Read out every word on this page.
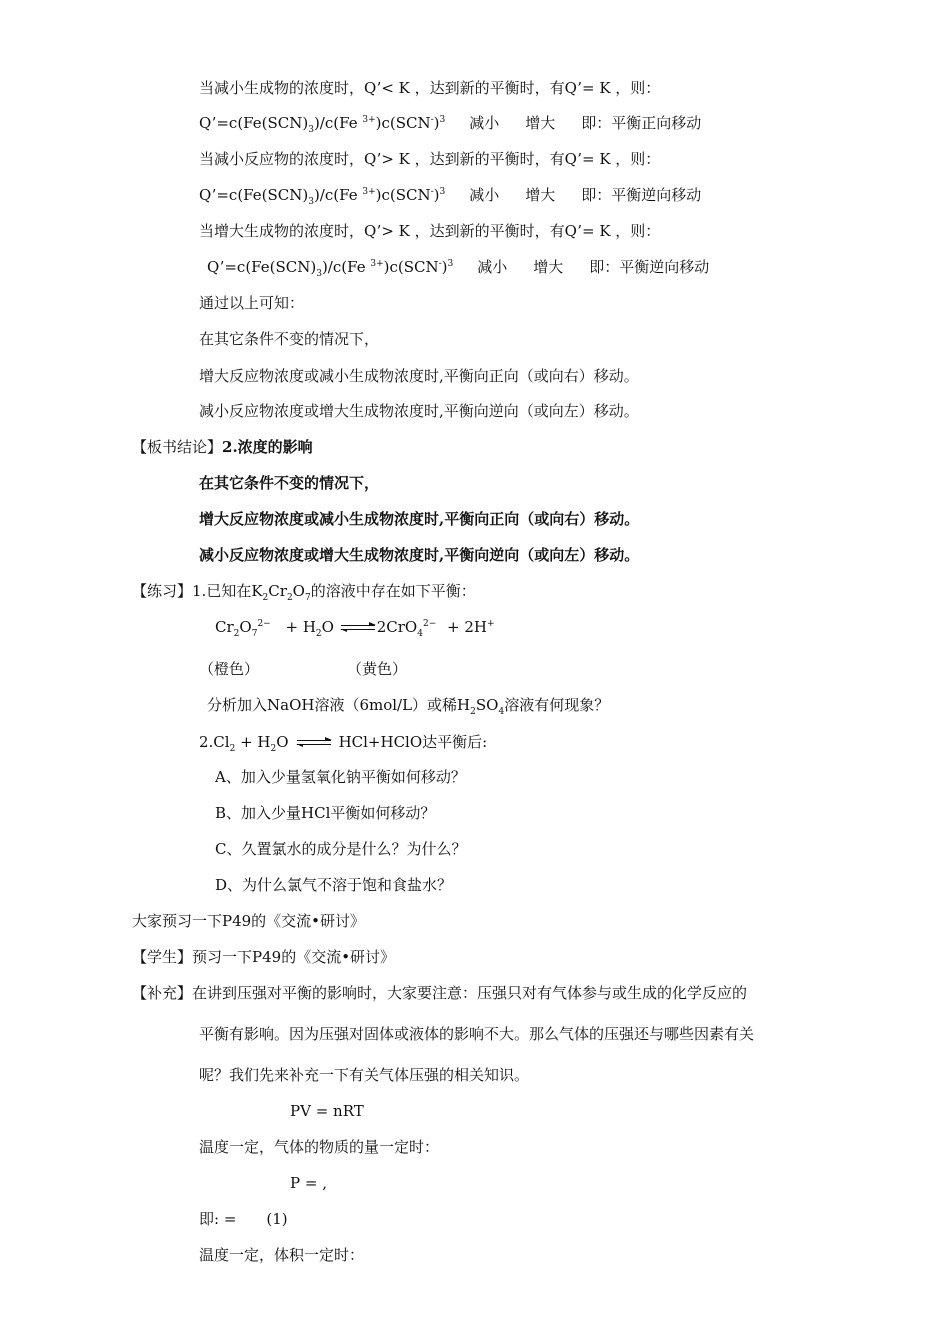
当减小生成物的浓度时，Q’< K ，达到新的平衡时，有Q’= K ，则：
$Q’=c(Fe(SCN)_3)/c(Fe$ $^{3+})c(SCN^-)^3$ 减小 增大 即：平衡正向移动
当减小反应物的浓度时，Q’> K ，达到新的平衡时，有Q’= K ，则：
$Q’=c(Fe(SCN)_3)/c(Fe$ $^{3+})c(SCN^-)^3$ 减小 增大 即：平衡逆向移动
当增大生成物的浓度时，Q’> K ，达到新的平衡时，有Q’= K ，则：
$Q’=c(Fe(SCN)_3)/c(Fe$ $^{3+})c(SCN^-)^3$ 减小 增大 即：平衡逆向移动
通过以上可知：
在其它条件不变的情况下，
增大反应物浓度或减小生成物浓度时,平衡向正向（或向右）移动。
减小反应物浓度或增大生成物浓度时,平衡向逆向（或向左）移动。
【板书结论】2.浓度的影响
在其它条件不变的情况下，
增大反应物浓度或减小生成物浓度时,平衡向正向（或向右）移动。
减小反应物浓度或增大生成物浓度时,平衡向逆向（或向左）移动。
【练习】1.已知在$K_2Cr_2O_7$的溶液中存在如下平衡：
$Cr_2O_7^{2-} + H_2O$	2CrO$_4^{2-}$ + 2H+
（橙色）	（黄色）
分析加入NaOH溶液（6mol/L）或稀$H_2SO_4$溶液有何现象？
$2.Cl_2 + H_2O$	HCl+HClO达平衡后:
A、加入少量氢氧化钠平衡如何移动？
B、加入少量HCl平衡如何移动？
C、久置氯水的成分是什么？为什么？
D、为什么氯气不溶于饱和食盐水？
大家预习一下P49的《交流•研讨》
【学生】预习一下P49的《交流•研讨》
【补充】在讲到压强对平衡的影响时，大家要注意：压强只对有气体参与或生成的化学反应的
平衡有影响。因为压强对固体或液体的影响不大。那么气体的压强还与哪些因素有关
呢？我们先来补充一下有关气体压强的相关知识。
PV = nRT
温度一定，气体的物质的量一定时：
P = ,
即: = (1)
温度一定，体积一定时：
